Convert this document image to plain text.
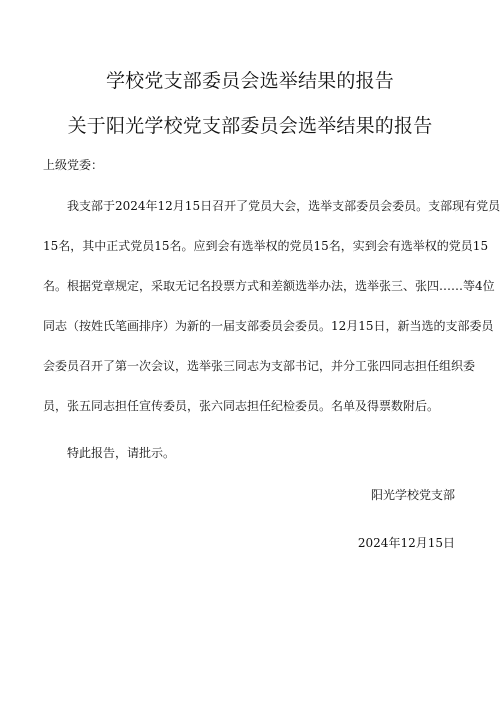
学校党支部委员会选举结果的报告
关于阳光学校党支部委员会选举结果的报告
上级党委：
我支部于2024年12月15日召开了党员大会，选举支部委员会委员。支部现有党员
15名，其中正式党员15名。应到会有选举权的党员15名，实到会有选举权的党员15
名。根据党章规定，采取无记名投票方式和差额选举办法，选举张三、张四……等4位
同志（按姓氏笔画排序）为新的一届支部委员会委员。12月15日，新当选的支部委员
会委员召开了第一次会议，选举张三同志为支部书记，并分工张四同志担任组织委
员，张五同志担任宣传委员，张六同志担任纪检委员。名单及得票数附后。
特此报告，请批示。
阳光学校党支部
2024年12月15日
